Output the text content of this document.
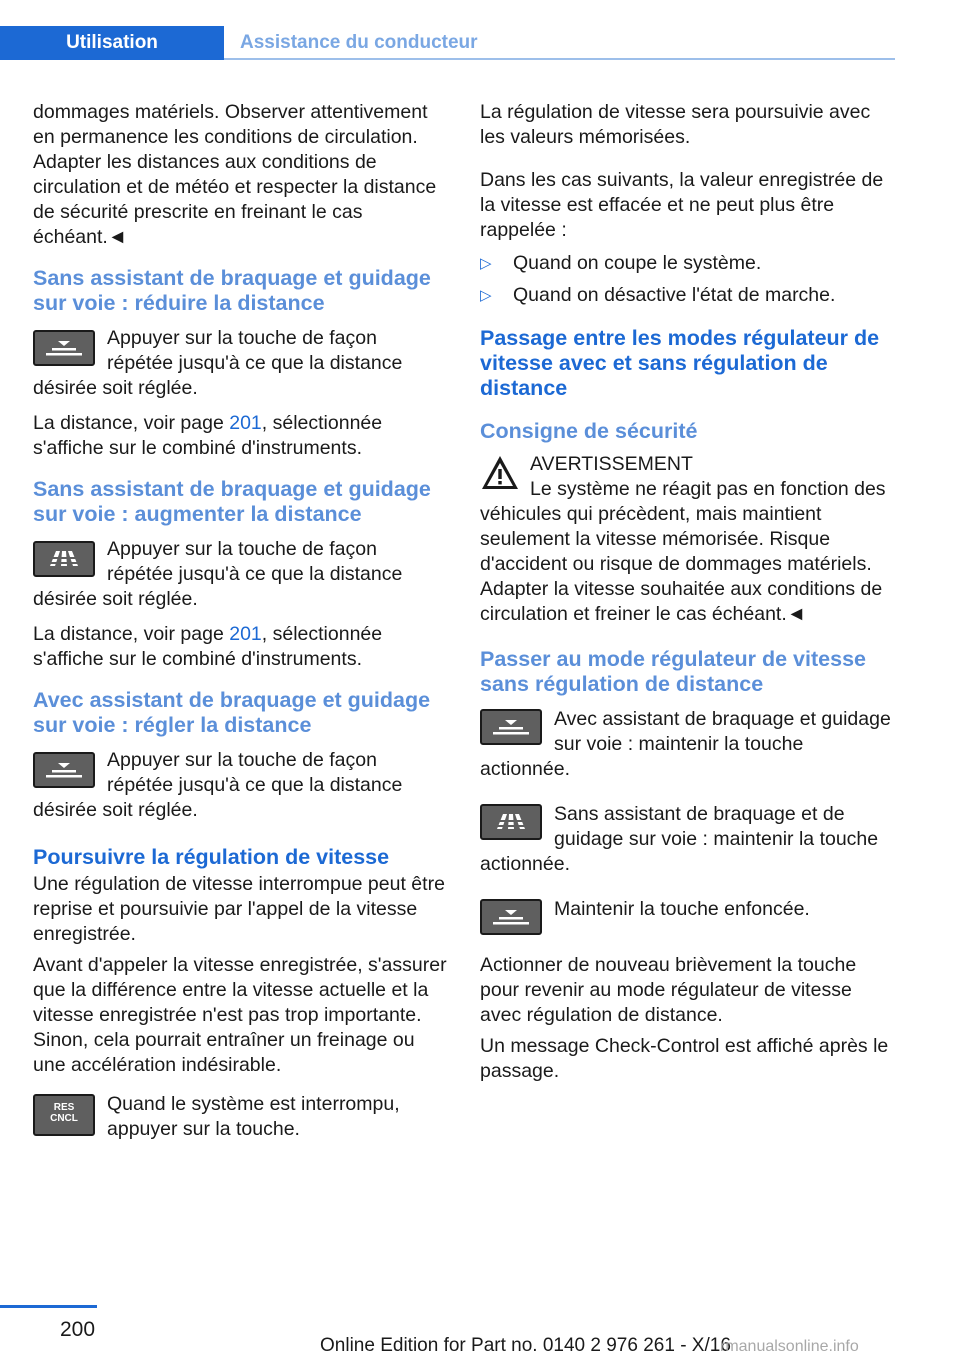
Utilisation	Assistance du conducteur

dommages matériels. Observer attentivement en permanence les conditions de circulation. Adapter les distances aux conditions de circulation et de météo et respecter la distance de sécurité prescrite en freinant le cas échéant.◄

Sans assistant de braquage et guidage sur voie : réduire la distance
Appuyer sur la touche de façon répétée jusqu'à ce que la distance désirée soit réglée.

La distance, voir page 201, sélectionnée s'affiche sur le combiné d'instruments.

Sans assistant de braquage et guidage sur voie : augmenter la distance
Appuyer sur la touche de façon répétée jusqu'à ce que la distance désirée soit réglée.

La distance, voir page 201, sélectionnée s'affiche sur le combiné d'instruments.

Avec assistant de braquage et guidage sur voie : régler la distance
Appuyer sur la touche de façon répétée jusqu'à ce que la distance désirée soit réglée.
Poursuivre la régulation de vitesse

Une régulation de vitesse interrompue peut être reprise et poursuivie par l'appel de la vitesse enregistrée.

Avant d'appeler la vitesse enregistrée, s'assurer que la différence entre la vitesse actuelle et la vitesse enregistrée n'est pas trop importante. Sinon, cela pourrait entraîner un freinage ou une accélération indésirable.

RES
CNCL
Quand le système est interrompu, appuyer sur la touche.

La régulation de vitesse sera poursuivie avec les valeurs mémorisées.

Dans les cas suivants, la valeur enregistrée de la vitesse est effacée et ne peut plus être rappelée :

▷ Quand on coupe le système.
▷ Quand on désactive l'état de marche.
Passage entre les modes régulateur de vitesse avec et sans régulation de distance
Consigne de sécurité
AVERTISSEMENT
Le système ne réagit pas en fonction des véhicules qui précèdent, mais maintient seulement la vitesse mémorisée. Risque d'accident ou risque de dommages matériels. Adapter la vitesse souhaitée aux conditions de circulation et freiner le cas échéant.◄
Passer au mode régulateur de vitesse sans régulation de distance
Avec assistant de braquage et guidage sur voie : maintenir la touche actionnée.
Sans assistant de braquage et de guidage sur voie : maintenir la touche actionnée.
Maintenir la touche enfoncée.

Actionner de nouveau brièvement la touche pour revenir au mode régulateur de vitesse avec régulation de distance.

Un message Check-Control est affiché après le passage.

200
Online Edition for Part no. 0140 2 976 261 - X/16
rmanualsonline.info
